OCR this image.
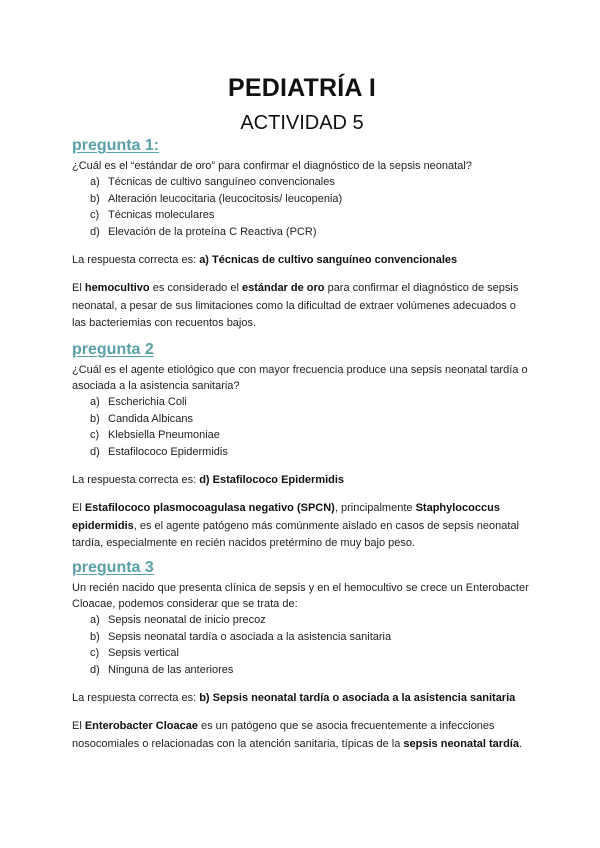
PEDIATRÍA I
ACTIVIDAD 5
pregunta 1:

¿Cuál es el “estándar de oro” para confirmar el diagnóstico de la sepsis neonatal?

a) Técnicas de cultivo sanguíneo convencionales
b) Alteración leucocitaria (leucocitosis/ leucopenia)
c) Técnicas moleculares
d) Elevación de la proteína C Reactiva (PCR)
La respuesta correcta es: a) Técnicas de cultivo sanguíneo convencionales
El hemocultivo es considerado el estándar de oro para confirmar el diagnóstico de sepsis neonatal, a pesar de sus limitaciones como la dificultad de extraer volúmenes adecuados o las bacteriemias con recuentos bajos.
pregunta 2

¿Cuál es el agente etiológico que con mayor frecuencia produce una sepsis neonatal tardía o asociada a la asistencia sanitaria?

a) Escherichia Coli
b) Candida Albicans
c) Klebsiella Pneumoniae
d) Estafilococo Epidermidis
La respuesta correcta es: d) Estafilococo Epidermidis
El Estafilococo plasmocoagulasa negativo (SPCN), principalmente Staphylococcus epidermidis, es el agente patógeno más comúnmente aislado en casos de sepsis neonatal tardía, especialmente en recién nacidos pretérmino de muy bajo peso.
pregunta 3

Un recién nacido que presenta clínica de sepsis y en el hemocultivo se crece un Enterobacter Cloacae, podemos considerar que se trata de:

a) Sepsis neonatal de inicio precoz
b) Sepsis neonatal tardía o asociada a la asistencia sanitaria
c) Sepsis vertical
d) Ninguna de las anteriores
La respuesta correcta es: b) Sepsis neonatal tardía o asociada a la asistencia sanitaria
El Enterobacter Cloacae es un patógeno que se asocia frecuentemente a infecciones nosocomiales o relacionadas con la atención sanitaria, típicas de la sepsis neonatal tardía.
